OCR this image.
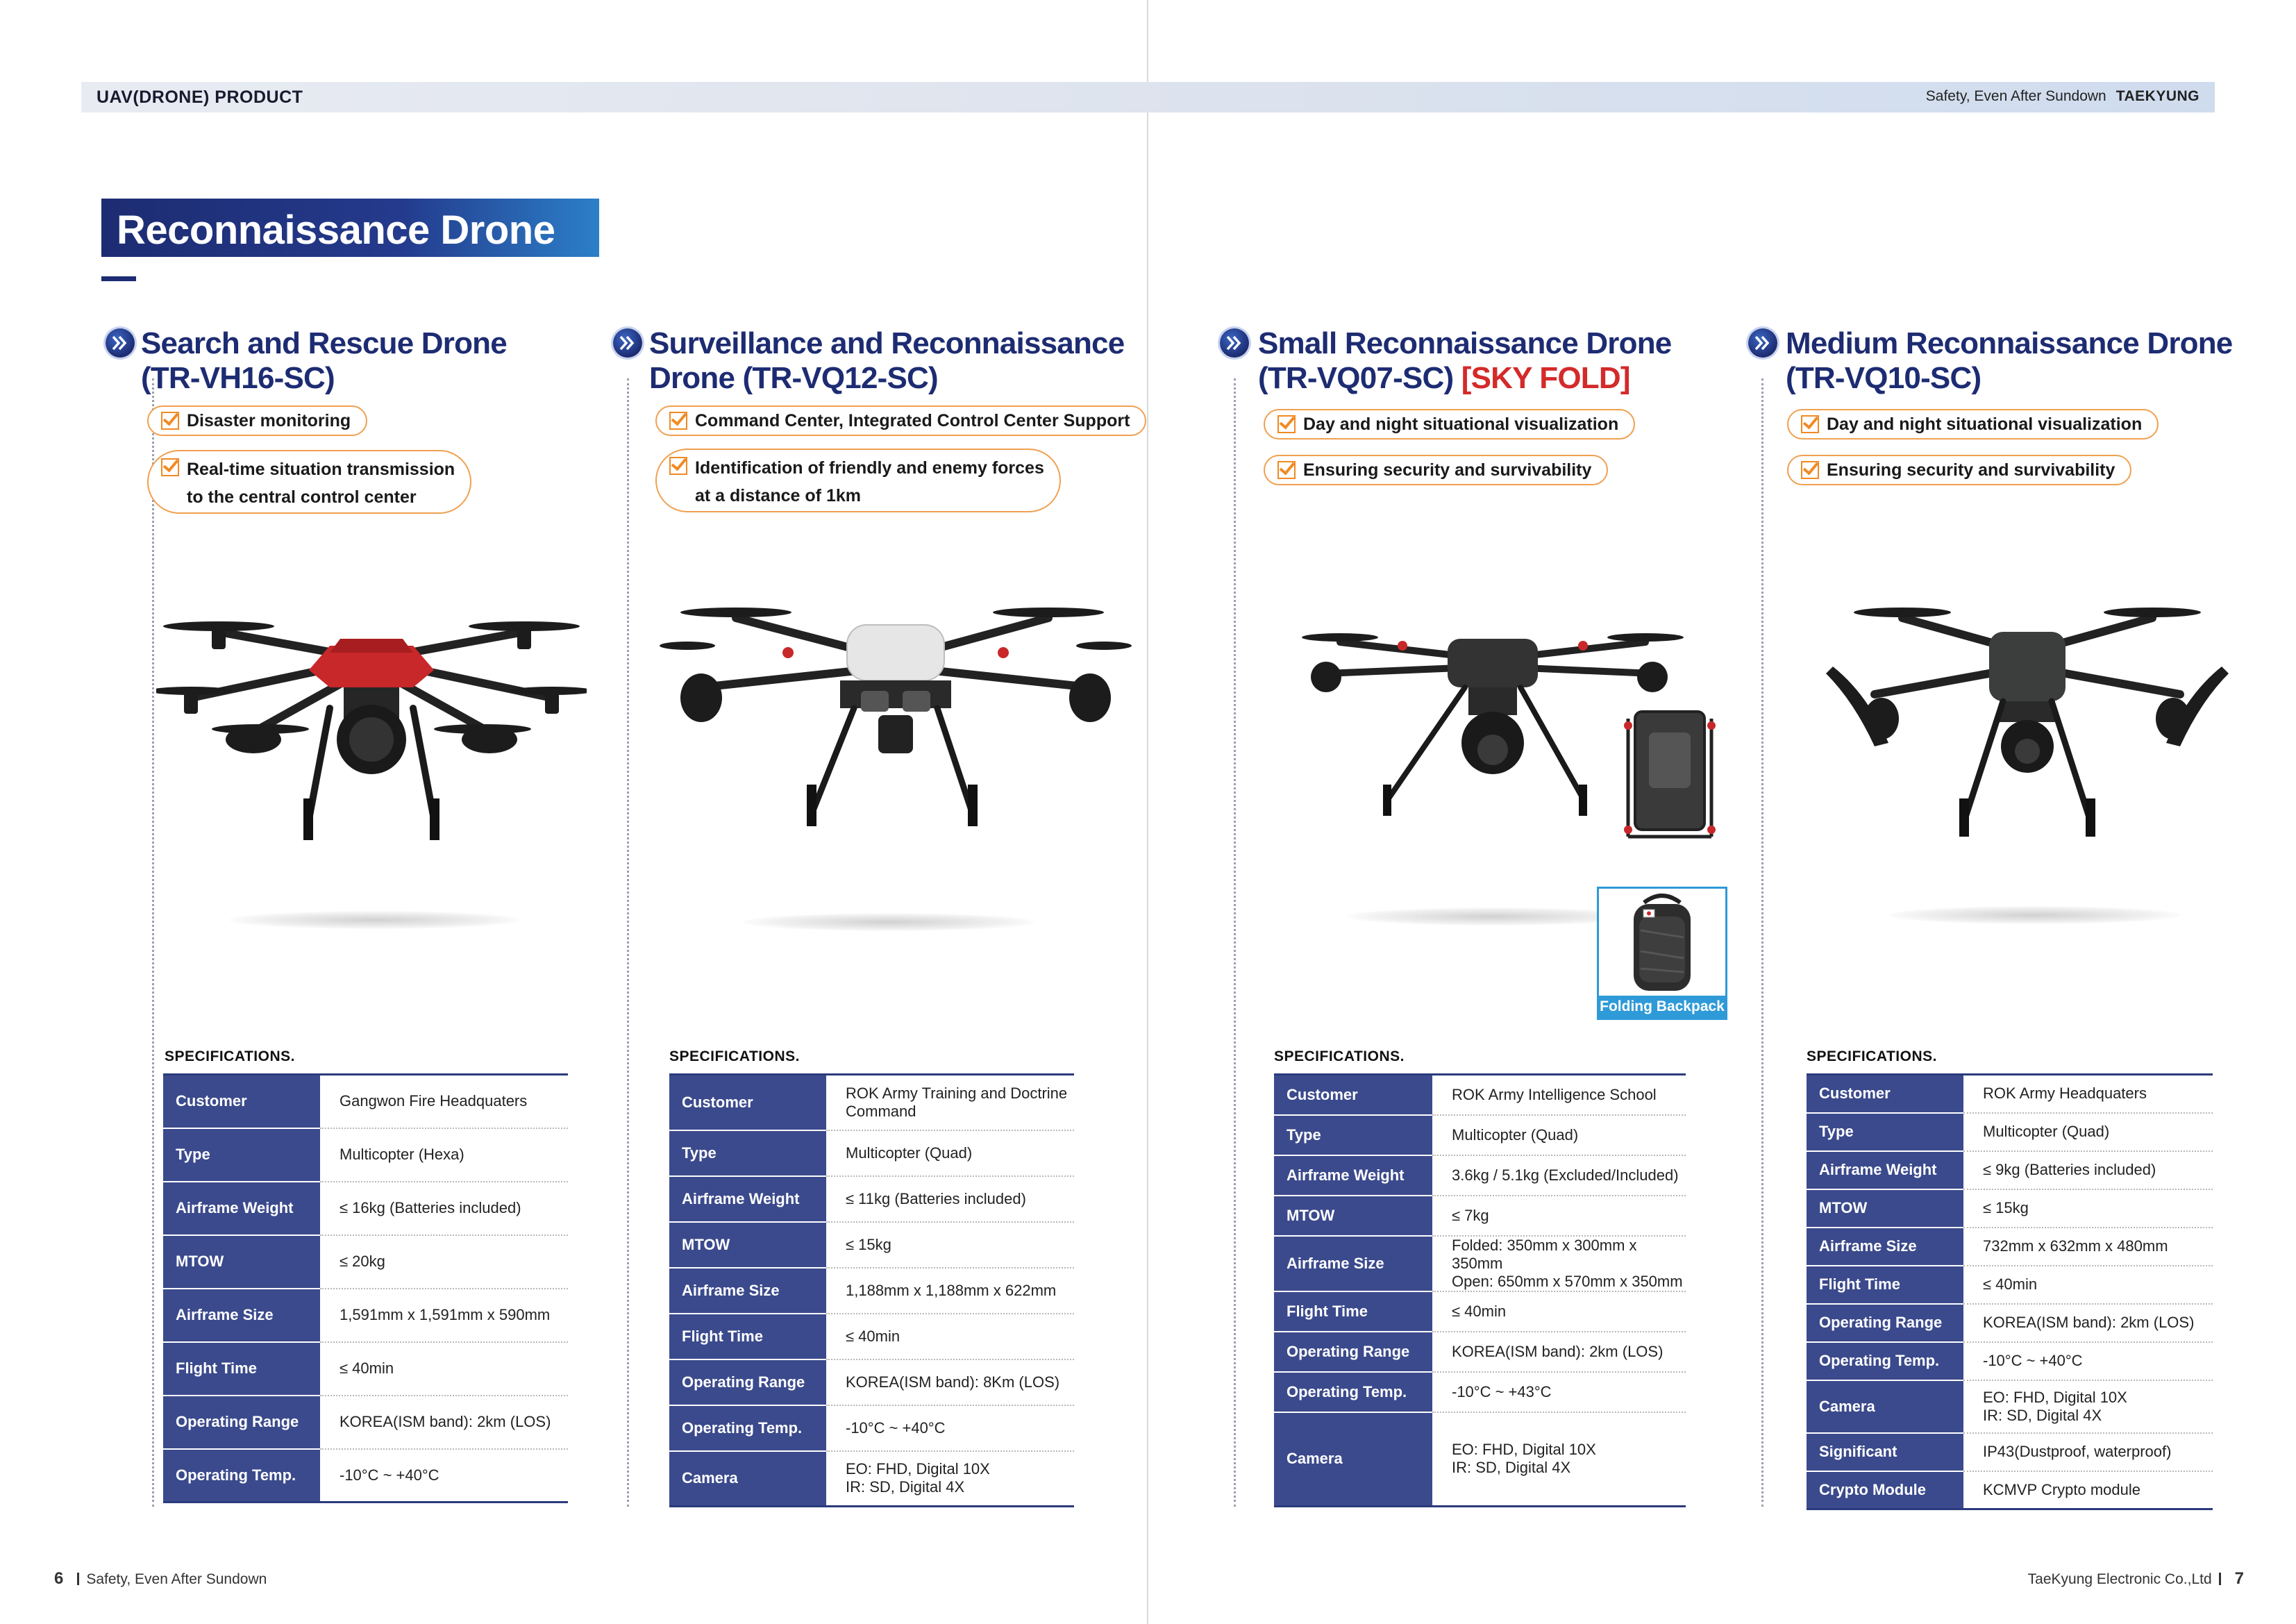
UAV(DRONE) PRODUCT	Safety, Even After Sundown TAEKYUNG
Reconnaissance Drone
Search and Rescue Drone
(TR-VH16-SC)
Disaster monitoring
Real-time situation transmission
to the central control center
SPECIFICATIONS.
Customer	Gangwon Fire Headquaters
Type	Multicopter (Hexa)
Airframe Weight	≤ 16kg (Batteries included)
MTOW	≤ 20kg
Airframe Size	1,591mm x 1,591mm x 590mm
Flight Time	≤ 40min
Operating Range	KOREA(ISM band): 2km (LOS)
Operating Temp.	-10°C ~ +40°C
Surveillance and Reconnaissance
Drone (TR-VQ12-SC)
Command Center, Integrated Control Center Support
Identification of friendly and enemy forces
at a distance of 1km
SPECIFICATIONS.
Customer	ROK Army Training and Doctrine
Command

Type	Multicopter (Quad)
Airframe Weight	≤ 11kg (Batteries included)
MTOW	≤ 15kg
Airframe Size	1,188mm x 1,188mm x 622mm
Flight Time	≤ 40min
Operating Range	KOREA(ISM band): 8Km (LOS)
Operating Temp.	-10°C ~ +40°C
Camera	EO: FHD, Digital 10X
IR: SD, Digital 4X
Small Reconnaissance Drone
(TR-VQ07-SC) [SKY FOLD]
Day and night situational visualization
Ensuring security and survivability
Folding Backpack
SPECIFICATIONS.
Customer	ROK Army Intelligence School
Type	Multicopter (Quad)
Airframe Weight	3.6kg / 5.1kg (Excluded/Included)
MTOW	≤ 7kg
Airframe Size	Folded: 350mm x 300mm x 350mm
Open: 650mm x 570mm x 350mm

Flight Time	≤ 40min
Operating Range	KOREA(ISM band): 2km (LOS)
Operating Temp.	-10°C ~ +43°C
Camera	EO: FHD, Digital 10X
IR: SD, Digital 4X
Medium Reconnaissance Drone
(TR-VQ10-SC)
Day and night situational visualization
Ensuring security and survivability
SPECIFICATIONS.
Customer	ROK Army Headquaters
Type	Multicopter (Quad)
Airframe Weight	≤ 9kg (Batteries included)
MTOW	≤ 15kg
Airframe Size	732mm x 632mm x 480mm
Flight Time	≤ 40min
Operating Range	KOREA(ISM band): 2km (LOS)
Operating Temp.	-10°C ~ +40°C
Camera	EO: FHD, Digital 10X
IR: SD, Digital 4X

Significant	IP43(Dustproof, waterproof)
Crypto Module	KCMVP Crypto module
6 Safety, Even After Sundown	TaeKyung Electronic Co.,Ltd 7
